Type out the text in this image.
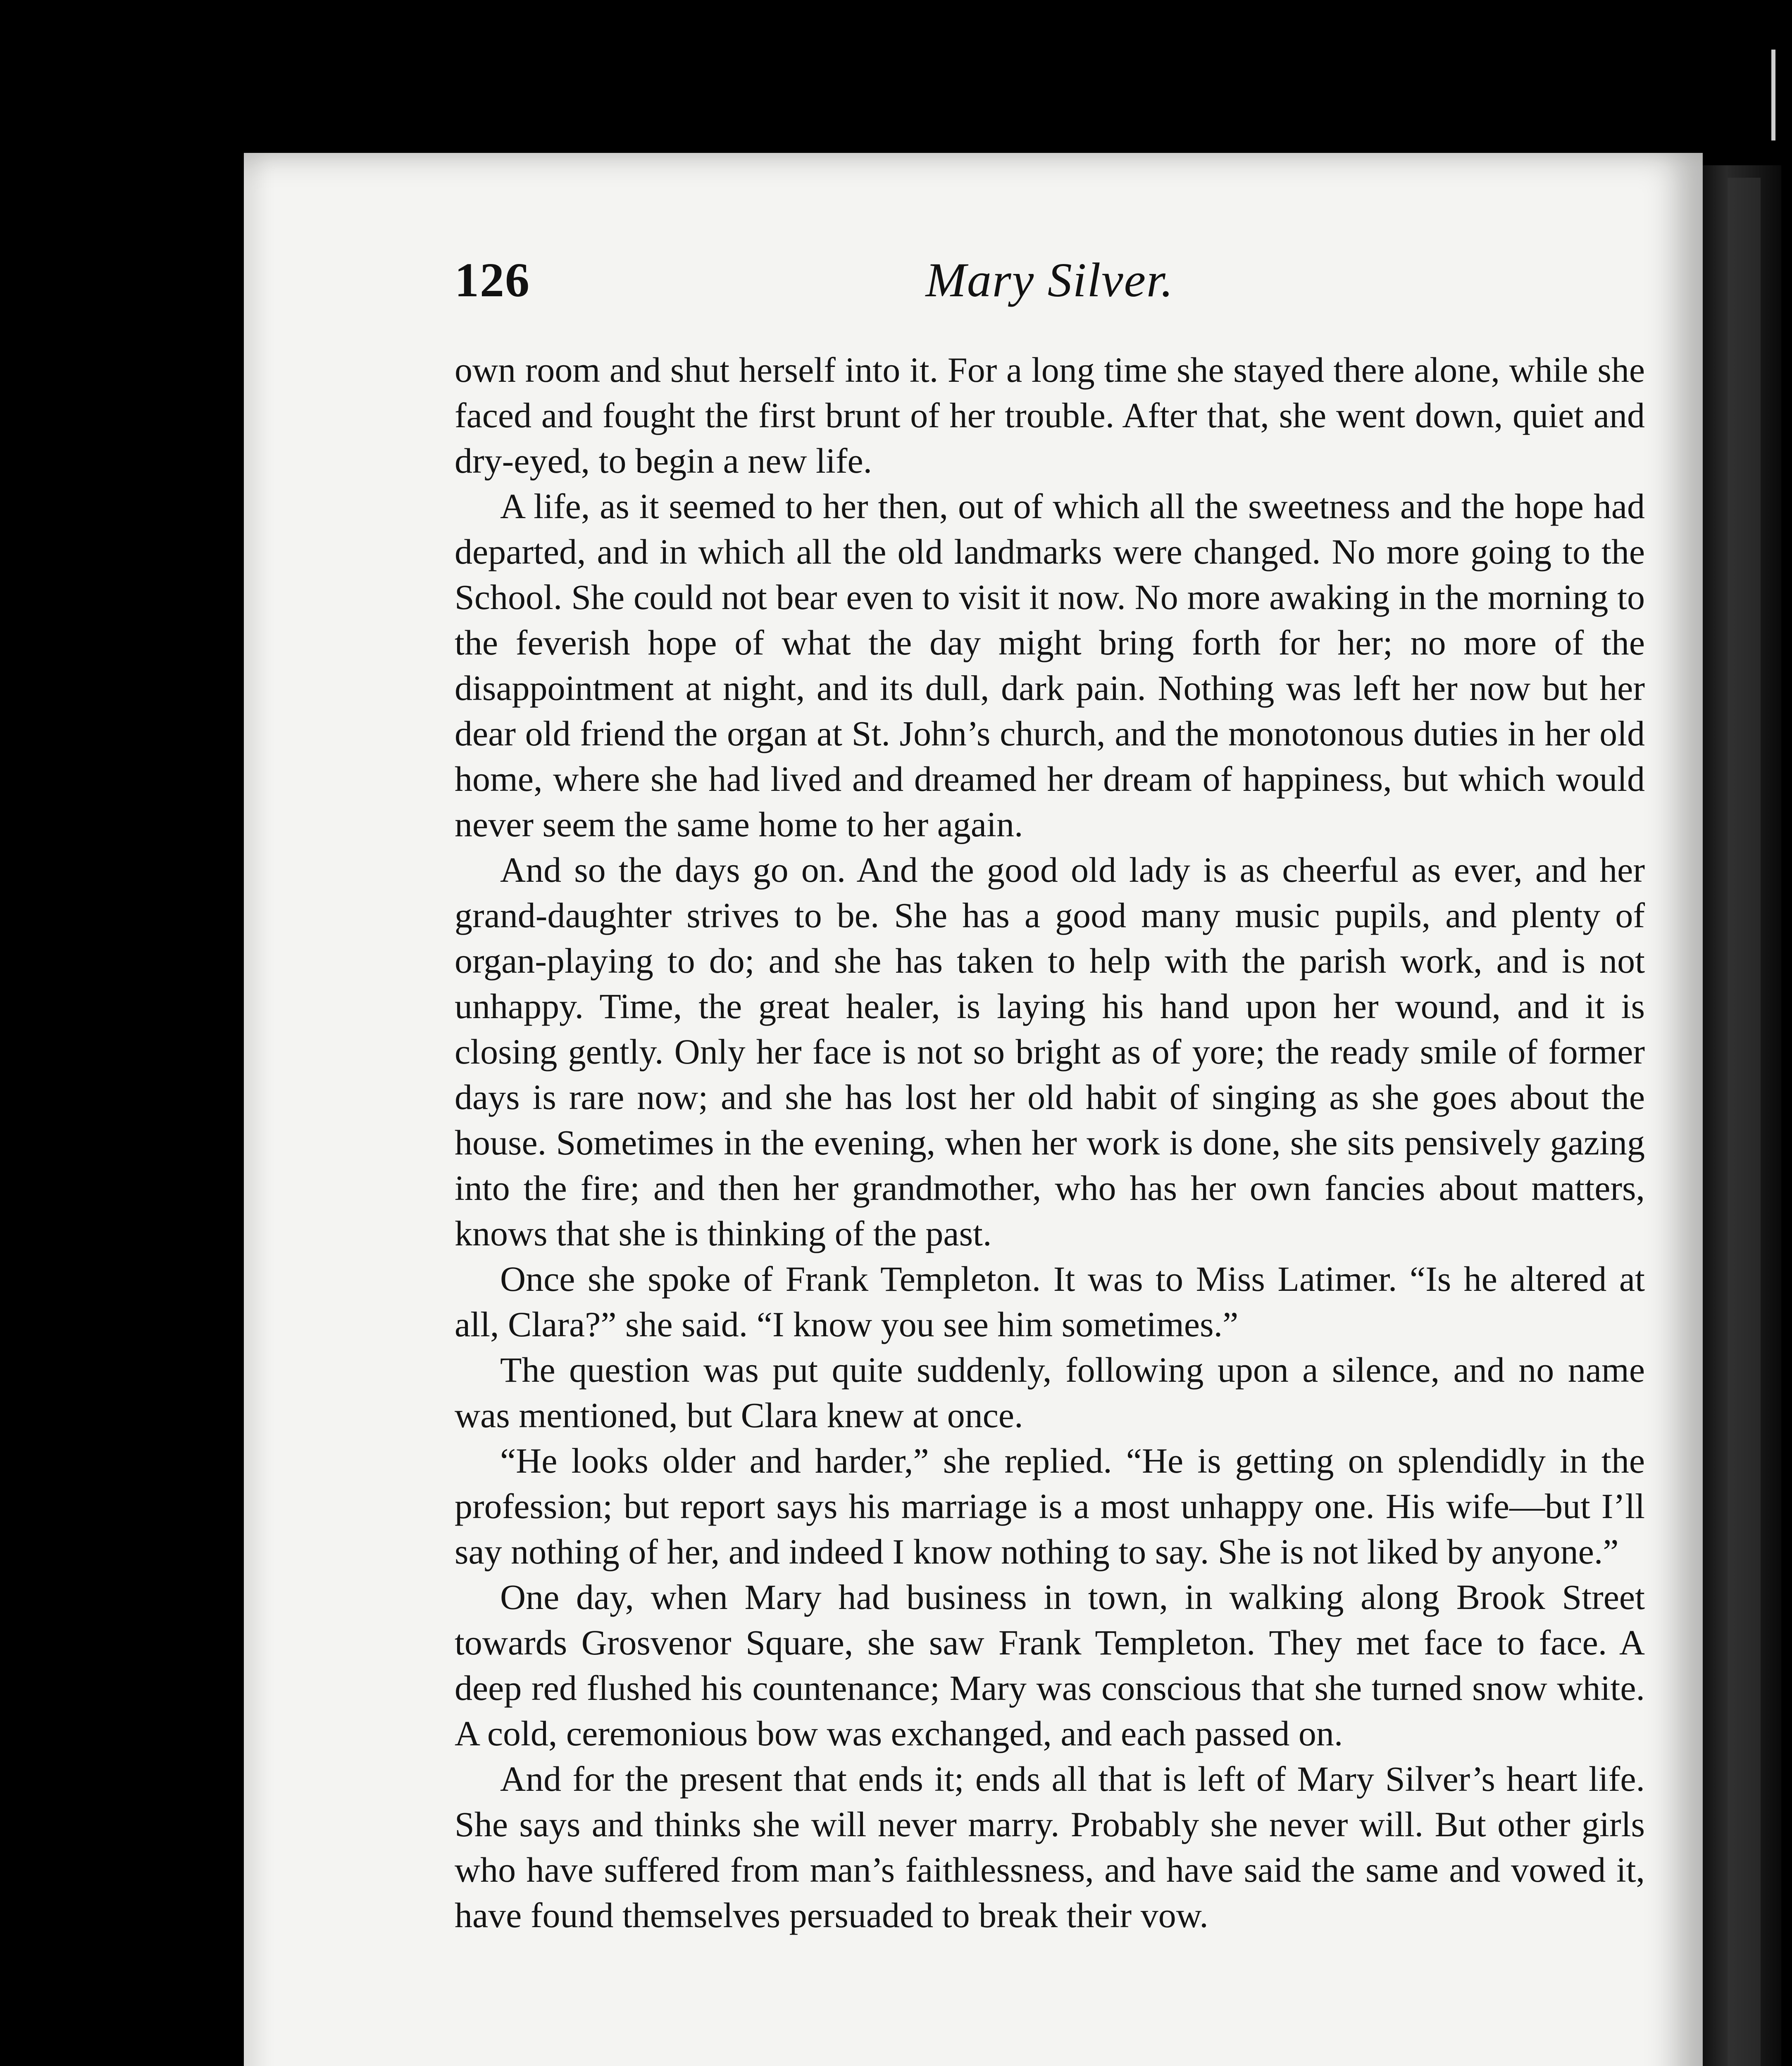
126	Mary Silver.

own room and shut herself into it. For a long time she stayed there alone, while she faced and fought the first brunt of her trouble. After that, she went down, quiet and dry-eyed, to begin a new life.

A life, as it seemed to her then, out of which all the sweetness and the hope had departed, and in which all the old landmarks were changed. No more going to the School. She could not bear even to visit it now. No more awaking in the morning to the feverish hope of what the day might bring forth for her; no more of the disappointment at night, and its dull, dark pain. Nothing was left her now but her dear old friend the organ at St. John’s church, and the monotonous duties in her old home, where she had lived and dreamed her dream of happiness, but which would never seem the same home to her again.

And so the days go on. And the good old lady is as cheerful as ever, and her grand-daughter strives to be. She has a good many music pupils, and plenty of organ-playing to do; and she has taken to help with the parish work, and is not unhappy. Time, the great healer, is laying his hand upon her wound, and it is closing gently. Only her face is not so bright as of yore; the ready smile of former days is rare now; and she has lost her old habit of singing as she goes about the house. Sometimes in the evening, when her work is done, she sits pensively gazing into the fire; and then her grandmother, who has her own fancies about matters, knows that she is thinking of the past.

Once she spoke of Frank Templeton. It was to Miss Latimer. “Is he altered at all, Clara?” she said. “I know you see him sometimes.”

The question was put quite suddenly, following upon a silence, and no name was mentioned, but Clara knew at once.

“He looks older and harder,” she replied. “He is getting on splendidly in the profession; but report says his marriage is a most unhappy one. His wife—but I’ll say nothing of her, and indeed I know nothing to say. She is not liked by anyone.”

One day, when Mary had business in town, in walking along Brook Street towards Grosvenor Square, she saw Frank Templeton. They met face to face. A deep red flushed his countenance; Mary was conscious that she turned snow white. A cold, ceremonious bow was exchanged, and each passed on.

And for the present that ends it; ends all that is left of Mary Silver’s heart life. She says and thinks she will never marry. Probably she never will. But other girls who have suffered from man’s faithlessness, and have said the same and vowed it, have found themselves persuaded to break their vow.
